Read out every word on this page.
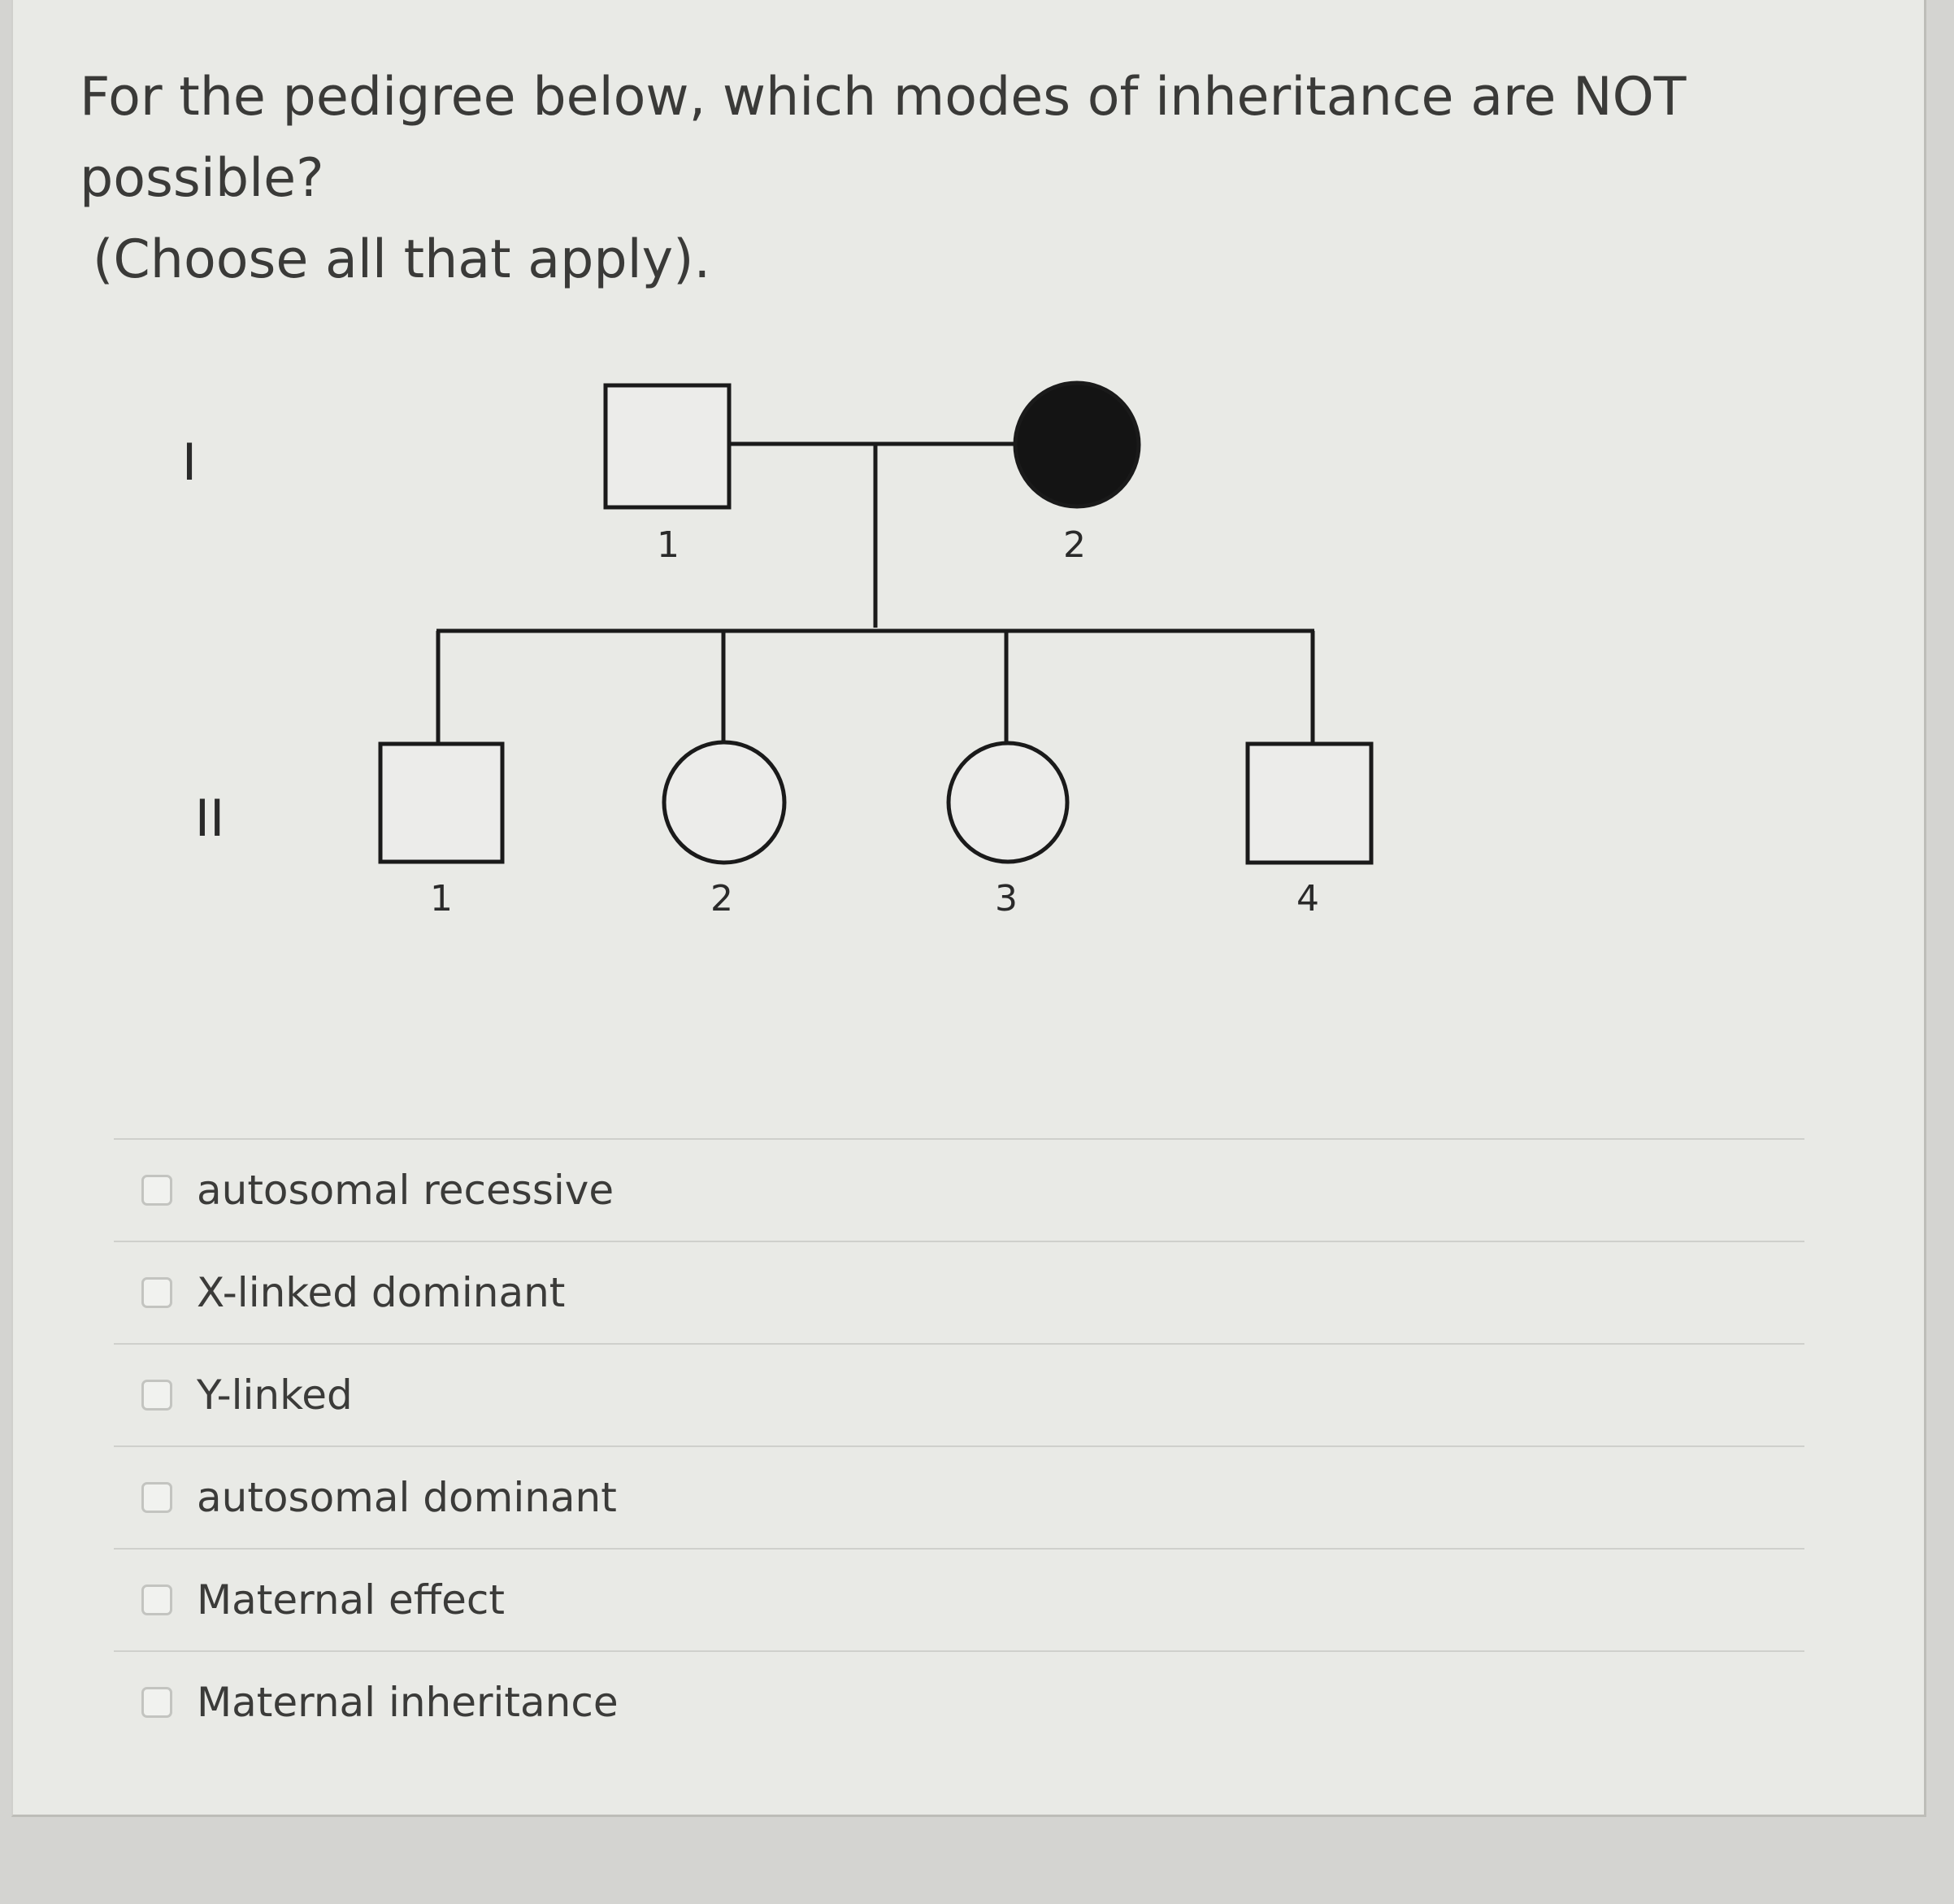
For the pedigree below, which modes of inheritance are NOT possible?
(Choose all that apply).
I
II
1	2
1	2	3	4
autosomal recessive
X-linked dominant
Y-linked
autosomal dominant
Maternal effect
Maternal inheritance
